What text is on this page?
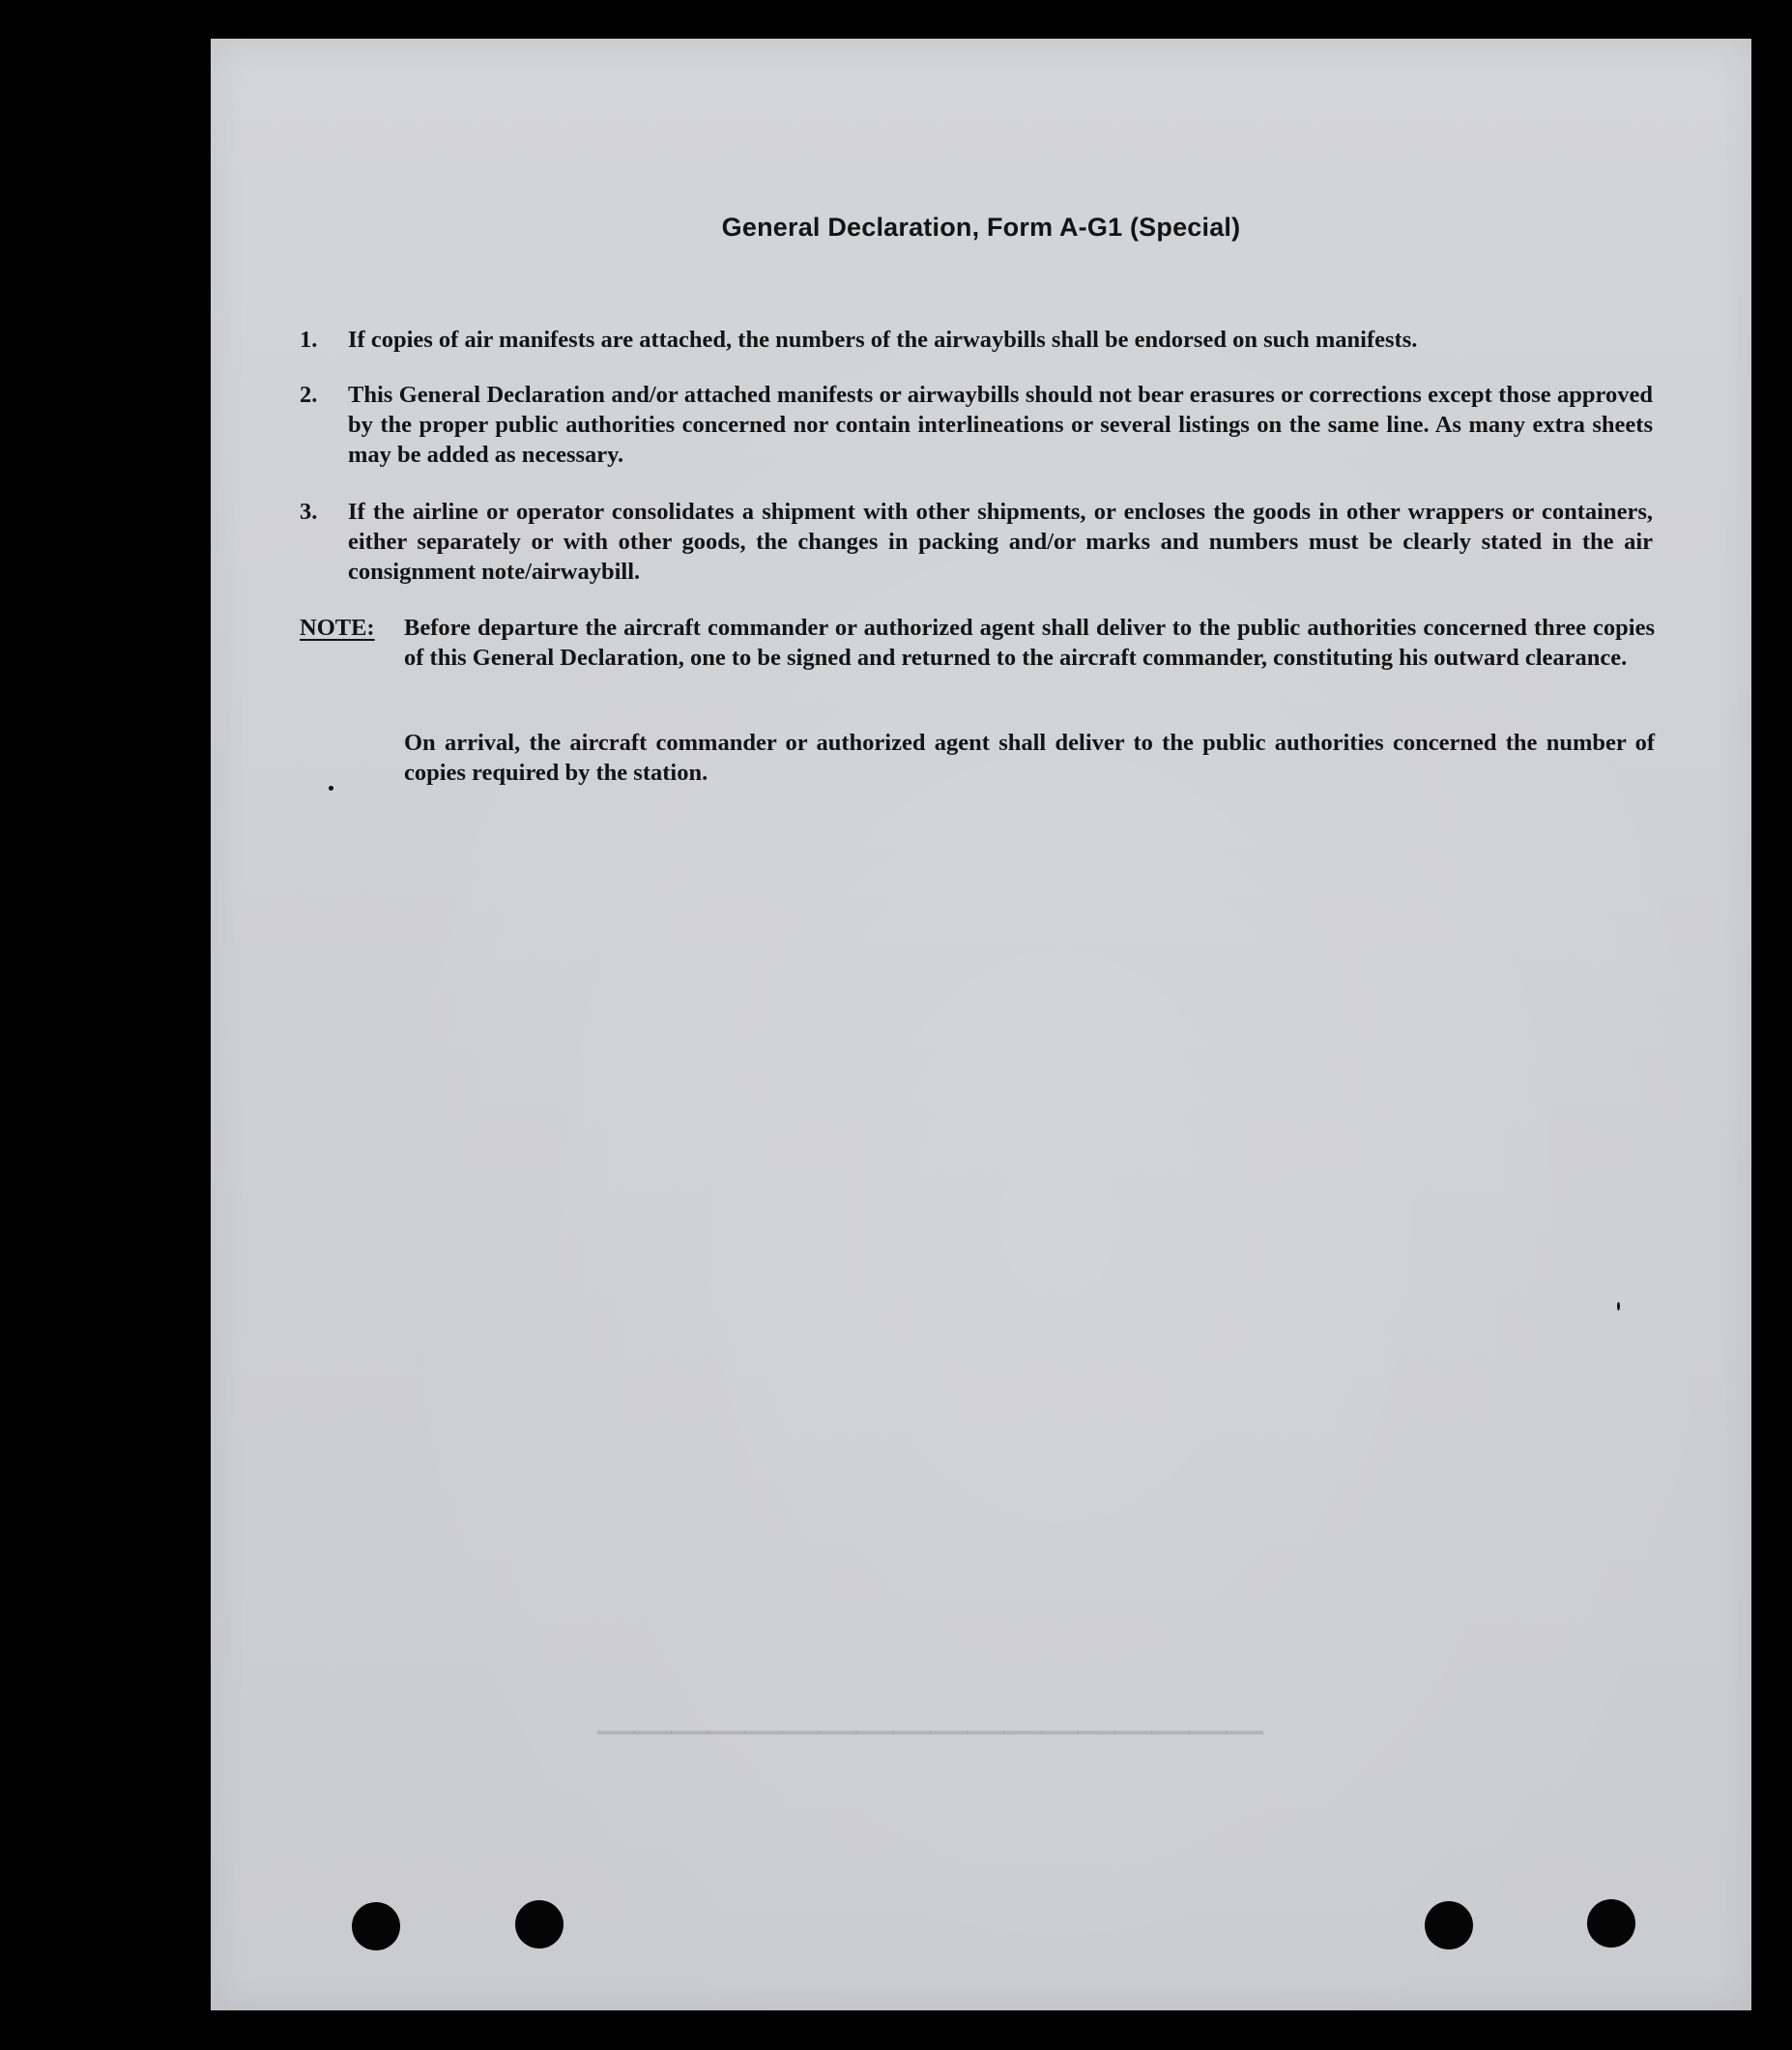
──────────────────
General Declaration, Form A-G1 (Special)
1.	If copies of air manifests are attached, the numbers of the airwaybills shall be endorsed on such manifests.
2.	This General Declaration and/or attached manifests or airwaybills should not bear erasures or corrections except those approved by the proper public authorities concerned nor contain interlineations or several listings on the same line. As many extra sheets may be added as necessary.
3.	If the airline or operator consolidates a shipment with other shipments, or encloses the goods in other wrappers or containers, either separately or with other goods, the changes in packing and/or marks and numbers must be clearly stated in the air consignment note/airwaybill.
NOTE: Before departure the aircraft commander or authorized agent shall deliver to the public authorities concerned three copies of this General Declaration, one to be signed and returned to the aircraft commander, constituting his outward clearance.
On arrival, the aircraft commander or authorized agent shall deliver to the public authorities concerned the number of copies required by the station.
